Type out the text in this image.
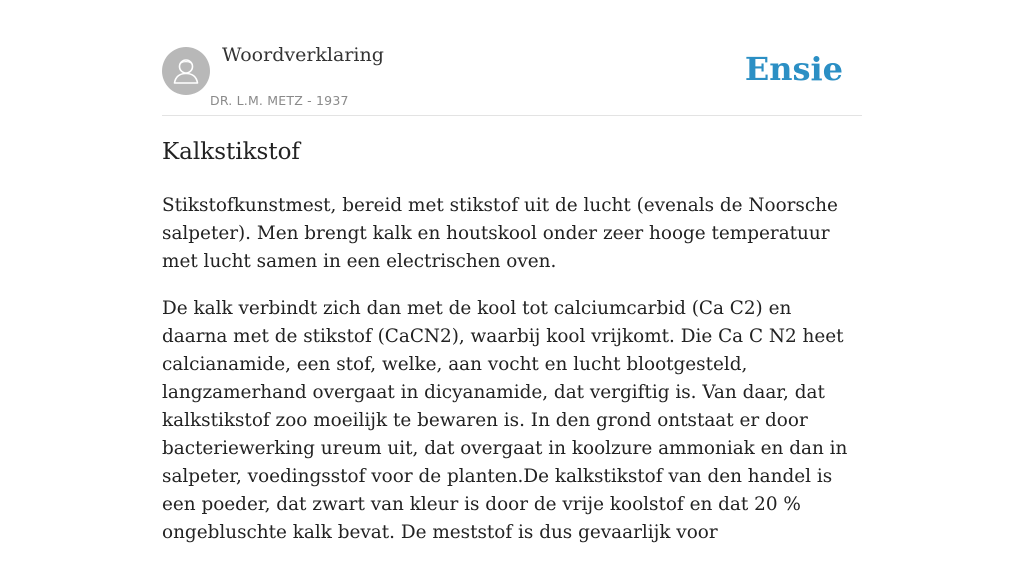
Woordverklaring
DR. L.M. METZ - 1937
Ensie
Kalkstikstof

Stikstofkunstmest, bereid met stikstof uit de lucht (evenals de Noorsche salpeter). Men brengt kalk en houtskool onder zeer hooge temperatuur met lucht samen in een electrischen oven.

De kalk verbindt zich dan met de kool tot calciumcarbid (Ca C2) en daarna met de stikstof (CaCN2), waarbij kool vrijkomt. Die Ca C N2 heet calcianamide, een stof, welke, aan vocht en lucht blootgesteld, langzamerhand overgaat in dicyanamide, dat vergiftig is. Van daar, dat kalkstikstof zoo moeilijk te bewaren is. In den grond ontstaat er door bacteriewerking ureum uit, dat overgaat in koolzure ammoniak en dan in salpeter, voedingsstof voor de planten.De kalkstikstof van den handel is een poeder, dat zwart van kleur is door de vrije koolstof en dat 20 % ongebluschte kalk bevat. De meststof is dus gevaarlijk voor
